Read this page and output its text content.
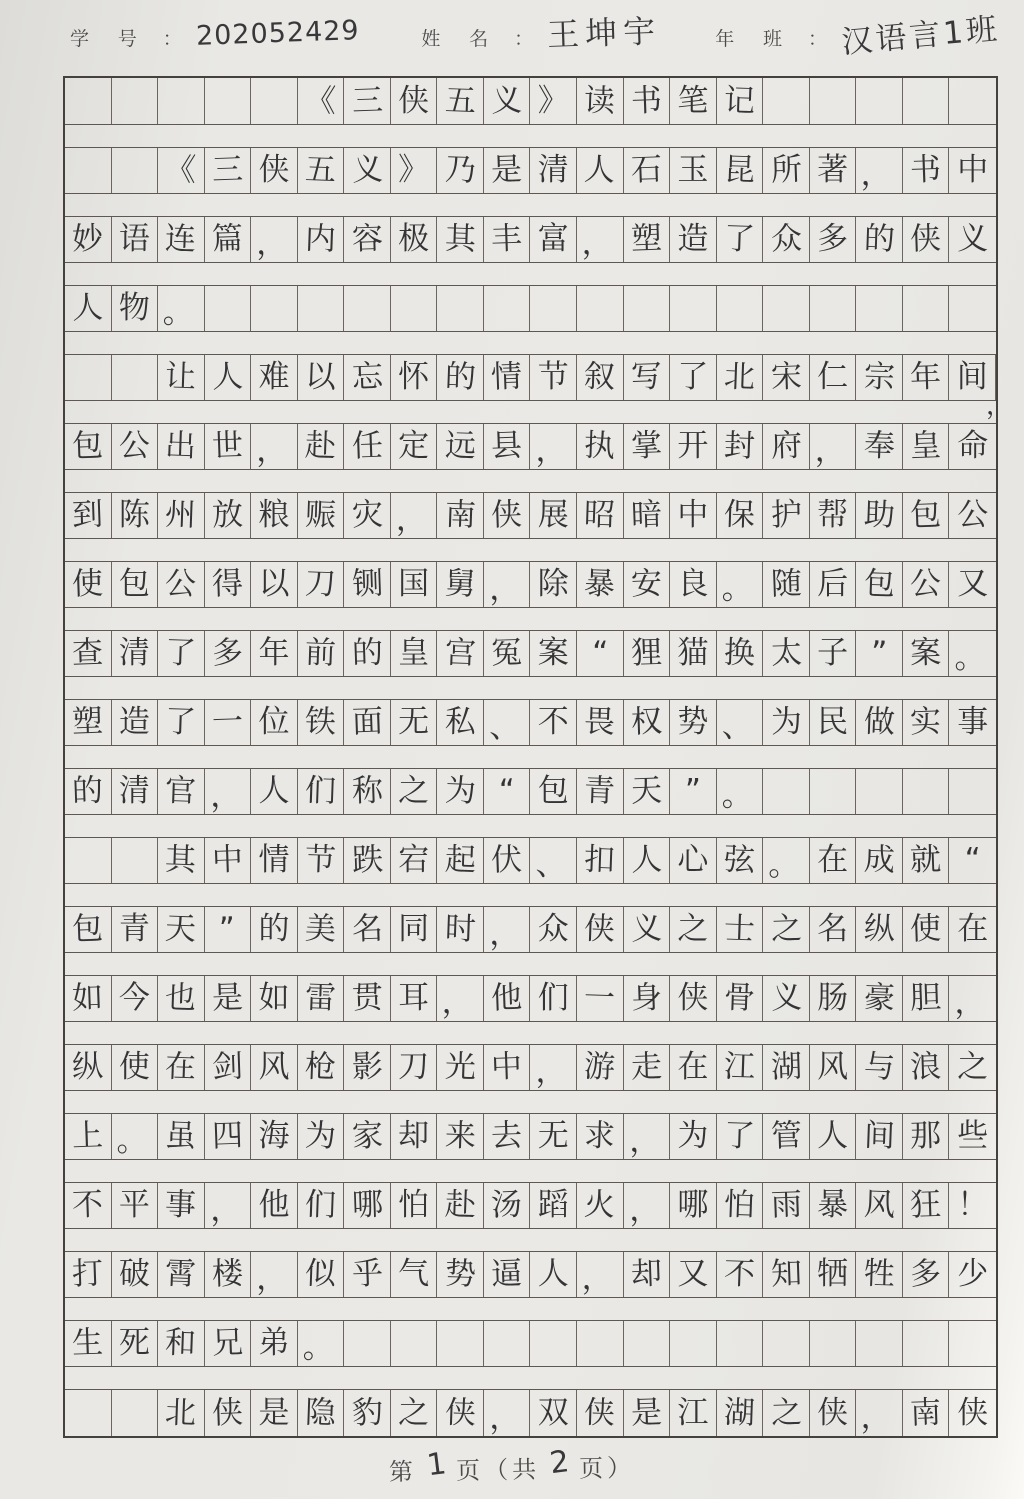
学 号 ： 202052429	姓 名 ： 王坤宇	年 班 ： 汉语言1班
《 三 侠 五 义 》 读 书 笔 记
《 三 侠 五 义 》 乃 是 清 人 石 玉 昆 所 著 ， 书 中
妙 语 连 篇 ， 内 容 极 其 丰 富 ， 塑 造 了 众 多 的 侠 义
人 物 。
让 人 难 以 忘 怀 的 情 节 叙 写 了 北 宋 仁 宗 年 间
，
包 公 出 世 ， 赴 任 定 远 县 ， 执 掌 开 封 府 ， 奉 皇 命
到 陈 州 放 粮 赈 灾 ， 南 侠 展 昭 暗 中 保 护 帮 助 包 公
使 包 公 得 以 刀 铡 国 舅 ， 除 暴 安 良 。 随 后 包 公 又
查 清 了 多 年 前 的 皇 宫 冤 案 “ 狸 猫 换 太 子 ” 案 。
塑 造 了 一 位 铁 面 无 私 、 不 畏 权 势 、 为 民 做 实 事
的 清 官 ， 人 们 称 之 为 “ 包 青 天 ” 。
其 中 情 节 跌 宕 起 伏 、 扣 人 心 弦 。 在 成 就 “
包 青 天 ” 的 美 名 同 时 ， 众 侠 义 之 士 之 名 纵 使 在
如 今 也 是 如 雷 贯 耳 ， 他 们 一 身 侠 骨 义 肠 豪 胆 ，
纵 使 在 剑 风 枪 影 刀 光 中 ， 游 走 在 江 湖 风 与 浪 之
上 。 虽 四 海 为 家 却 来 去 无 求 ， 为 了 管 人 间 那 些
不 平 事 ， 他 们 哪 怕 赴 汤 蹈 火 ， 哪 怕 雨 暴 风 狂 ！
打 破 霄 楼 ， 似 乎 气 势 逼 人 ， 却 又 不 知 牺 牲 多 少
生 死 和 兄 弟 。
北 侠 是 隐 豹 之 侠 ， 双 侠 是 江 湖 之 侠 ， 南 侠
第 1 页（共 2 页）
